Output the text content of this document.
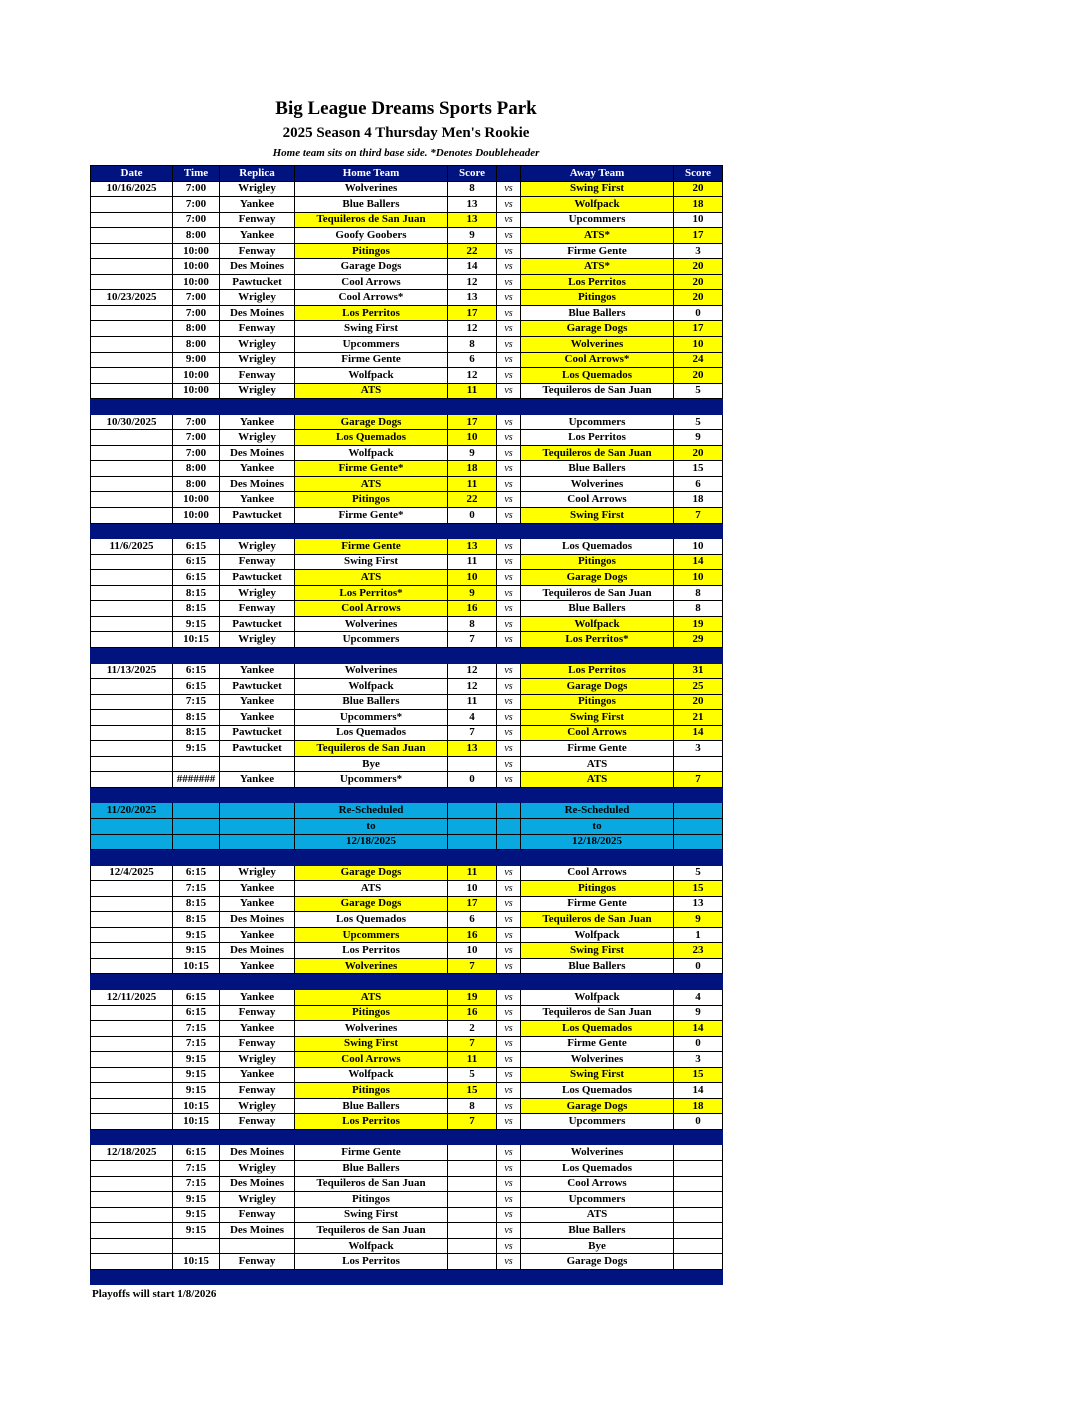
Big League Dreams Sports Park
2025 Season 4 Thursday Men's Rookie
Home team sits on third base side. *Denotes Doubleheader
Date	Time	Replica	Home Team	Score		Away Team	Score
10/16/2025	7:00	Wrigley	Wolverines	8	vs	Swing First	20
	7:00	Yankee	Blue Ballers	13	vs	Wolfpack	18
	7:00	Fenway	Tequileros de San Juan	13	vs	Upcommers	10
	8:00	Yankee	Goofy Goobers	9	vs	ATS*	17
	10:00	Fenway	Pitingos	22	vs	Firme Gente	3
	10:00	Des Moines	Garage Dogs	14	vs	ATS*	20
	10:00	Pawtucket	Cool Arrows	12	vs	Los Perritos	20
10/23/2025	7:00	Wrigley	Cool Arrows*	13	vs	Pitingos	20
	7:00	Des Moines	Los Perritos	17	vs	Blue Ballers	0
	8:00	Fenway	Swing First	12	vs	Garage Dogs	17
	8:00	Wrigley	Upcommers	8	vs	Wolverines	10
	9:00	Wrigley	Firme Gente	6	vs	Cool Arrows*	24
	10:00	Fenway	Wolfpack	12	vs	Los Quemados	20
	10:00	Wrigley	ATS	11	vs	Tequileros de San Juan	5

10/30/2025	7:00	Yankee	Garage Dogs	17	vs	Upcommers	5
	7:00	Wrigley	Los Quemados	10	vs	Los Perritos	9
	7:00	Des Moines	Wolfpack	9	vs	Tequileros de San Juan	20
	8:00	Yankee	Firme Gente*	18	vs	Blue Ballers	15
	8:00	Des Moines	ATS	11	vs	Wolverines	6
	10:00	Yankee	Pitingos	22	vs	Cool Arrows	18
	10:00	Pawtucket	Firme Gente*	0	vs	Swing First	7

11/6/2025	6:15	Wrigley	Firme Gente	13	vs	Los Quemados	10
	6:15	Fenway	Swing First	11	vs	Pitingos	14
	6:15	Pawtucket	ATS	10	vs	Garage Dogs	10
	8:15	Wrigley	Los Perritos*	9	vs	Tequileros de San Juan	8
	8:15	Fenway	Cool Arrows	16	vs	Blue Ballers	8
	9:15	Pawtucket	Wolverines	8	vs	Wolfpack	19
	10:15	Wrigley	Upcommers	7	vs	Los Perritos*	29

11/13/2025	6:15	Yankee	Wolverines	12	vs	Los Perritos	31
	6:15	Pawtucket	Wolfpack	12	vs	Garage Dogs	25
	7:15	Yankee	Blue Ballers	11	vs	Pitingos	20
	8:15	Yankee	Upcommers*	4	vs	Swing First	21
	8:15	Pawtucket	Los Quemados	7	vs	Cool Arrows	14
	9:15	Pawtucket	Tequileros de San Juan	13	vs	Firme Gente	3
			Bye		vs	ATS	
	#######	Yankee	Upcommers*	0	vs	ATS	7

11/20/2025			Re-Scheduled			Re-Scheduled	
			to			to	
			12/18/2025			12/18/2025	

12/4/2025	6:15	Wrigley	Garage Dogs	11	vs	Cool Arrows	5
	7:15	Yankee	ATS	10	vs	Pitingos	15
	8:15	Yankee	Garage Dogs	17	vs	Firme Gente	13
	8:15	Des Moines	Los Quemados	6	vs	Tequileros de San Juan	9
	9:15	Yankee	Upcommers	16	vs	Wolfpack	1
	9:15	Des Moines	Los Perritos	10	vs	Swing First	23
	10:15	Yankee	Wolverines	7	vs	Blue Ballers	0

12/11/2025	6:15	Yankee	ATS	19	vs	Wolfpack	4
	6:15	Fenway	Pitingos	16	vs	Tequileros de San Juan	9
	7:15	Yankee	Wolverines	2	vs	Los Quemados	14
	7:15	Fenway	Swing First	7	vs	Firme Gente	0
	9:15	Wrigley	Cool Arrows	11	vs	Wolverines	3
	9:15	Yankee	Wolfpack	5	vs	Swing First	15
	9:15	Fenway	Pitingos	15	vs	Los Quemados	14
	10:15	Wrigley	Blue Ballers	8	vs	Garage Dogs	18
	10:15	Fenway	Los Perritos	7	vs	Upcommers	0

12/18/2025	6:15	Des Moines	Firme Gente		vs	Wolverines	
	7:15	Wrigley	Blue Ballers		vs	Los Quemados	
	7:15	Des Moines	Tequileros de San Juan		vs	Cool Arrows	
	9:15	Wrigley	Pitingos		vs	Upcommers	
	9:15	Fenway	Swing First		vs	ATS	
	9:15	Des Moines	Tequileros de San Juan		vs	Blue Ballers	
			Wolfpack		vs	Bye	
	10:15	Fenway	Los Perritos		vs	Garage Dogs	

Playoffs will start 1/8/2026
